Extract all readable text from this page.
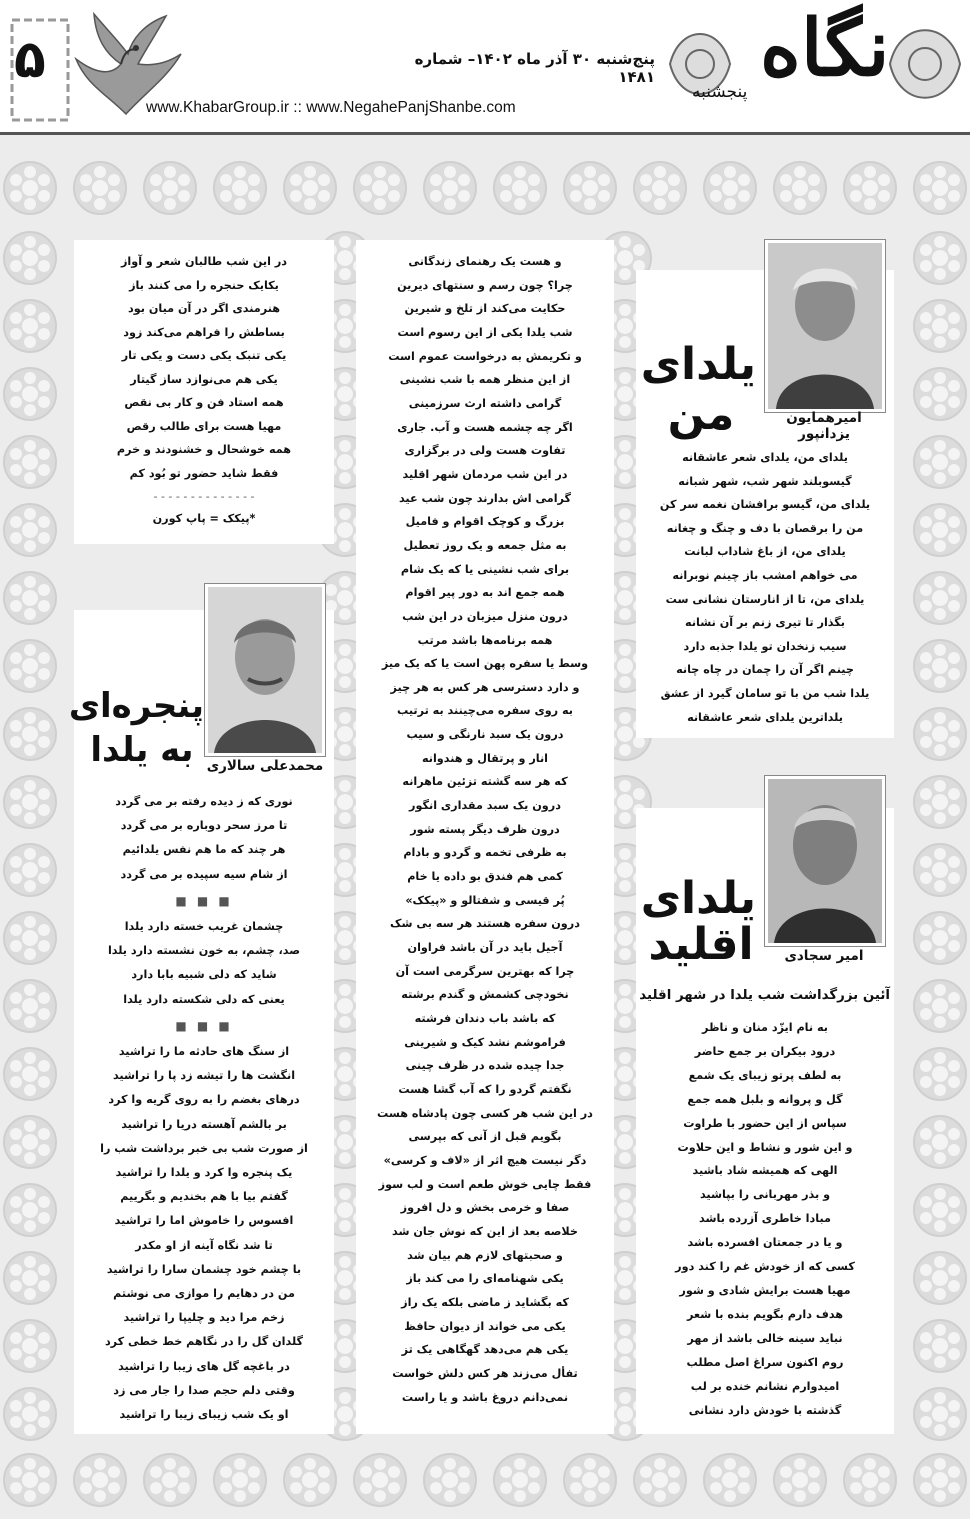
۵	پنج‌شنبه ۳۰ آذر ماه ۱۴۰۲– شماره ۱۴۸۱
www.KhabarGroup.ir :: www.NegahePanjShanbe.com
نگاه
پنجشنبه
امیرهمایون یزدانپور
یلدای
من
یلدای من، یلدای شعر عاشقانه
گیسوبلند شهر شب، شهر شبانه
یلدای من، گیسو برافشان نغمه سر کن
من را برقصان با دف و چنگ و چغانه
یلدای من، از باغ شاداب لبانت
می خواهم امشب باز چینم نوبرانه
یلدای من، تا از انارستان نشانی ست
بگذار تا تیری زنم بر آن نشانه
سیب زنخدان تو یلدا جذبه دارد
چینم اگر آن را چمان در چاه چانه
یلدا شب من با تو سامان گیرد از عشق
یلداترین یلدای شعر عاشقانه
امیر سجادی
یلدای
اقلید
آئین بزرگداشت شب یلدا در شهر اقلید
به نام ایزّد منان و ناظر
درود بیکران بر جمع حاضر
به لطف پرتو زیبای یک شمع
گل و پروانه و بلبل همه جمع
سپاس از این حضور با طراوت
و این شور و نشاط و این حلاوت
الهی که همیشه شاد باشید
و بذر مهربانی را بپاشید
مبادا خاطری آزرده باشد
و یا در جمعتان افسرده باشد
کسی که از خودش غم را کند دور
مهیا هست برایش شادی و شور
هدف دارم بگویم بنده با شعر
نباید سینه خالی باشد از مهر
روم اکنون سراغ اصل مطلب
امیدوارم نشانم خنده بر لب
گذشته با خودش دارد نشانی
و هست یک رهنمای زندگانی
چرا؟ چون رسم و سنتهای دیرین
حکایت می‌کند از تلخ و شیرین
شب یلدا یکی از این رسوم است
و تکریمش به درخواست عموم است
از این منظر همه با شب نشینی
گرامی داشته ارث سرزمینی
اگر چه چشمه هست و آب. جاری
تفاوت هست ولی در برگزاری
در این شب مردمان شهر اقلید
گرامی اش بدارند چون شب عید
بزرگ و کوچک اقوام و فامیل
به مثل جمعه و یک روز تعطیل
برای شب نشینی یا که یک شام
همه جمع اند به دور پیر اقوام
درون منزل میزبان در این شب
همه برنامه‌ها باشد مرتب
وسط یا سفره پهن است یا که یک میز
و دارد دسترسی هر کس به هر چیز
به روی سفره می‌چینند به ترتیب
درون یک سبد نارنگی و سیب
انار و پرتقال و هندوانه
که هر سه گشته تزئین ماهرانه
درون یک سبد مقداری انگور
درون ظرف دیگر پسته شور
به ظرفی تخمه و گردو و بادام
کمی هم فندق بو داده یا خام
پُر قیسی و شفتالو و «پیکک»
درون سفره هستند هر سه بی شک
آجیل باید در آن باشد فراوان
چرا که بهترین سرگرمی است آن
نخودچی کشمش و گندم برشته
که باشد باب دندان فرشته
فراموشم نشد کیک و شیرینی
جدا چیده شده در ظرف چینی
نگفتم گردو را که آب گشا هست
در این شب هر کسی چون پادشاه هست
بگویم قبل از آنی که بپرسی
دگر نیست هیچ اثر از «لاف و کرسی»
فقط چایی خوش طعم است و لب سوز
صفا و خرمی بخش و دل افروز
خلاصه بعد از این که نوش جان شد
و صحبتهای لازم هم بیان شد
یکی شهنامه‌ای را می کند باز
که بگشاید ز ماضی بلکه یک راز
یکی می خواند از دیوان حافظ
یکی هم می‌دهد گهگاهی یک تز
تفأل می‌زند هر کس دلش خواست
نمی‌دانم دروغ باشد و یا راست
در این شب طالبان شعر و آواز
یکایک حنجره را می کنند باز
هنرمندی اگر در آن میان بود
بساطش را فراهم می‌کند زود
یکی تنبک یکی دست و یکی تار
یکی هم می‌نوازد ساز گیتار
همه استاد فن و کار بی نقص
مهیا هست برای طالب رقص
همه خوشحال و خشنودند و خرم
فقط شاید حضور تو بُود کم
- - - - - - - - - - - - - -
*پیکک = پاپ کورن
محمدعلی سالاری
پنجره‌ای
به یلدا
نوری که ز دیده رفته بر می گردد
تا مرز سحر دوباره بر می گردد
هر چند که ما هم نفس یلدائیم
از شام سیه سپیده بر می گردد
■ ■ ■
چشمان غریب خسته دارد یلدا
صد، چشم، به خون نشسته دارد یلدا
شاید که دلی شبیه بابا دارد
یعنی که دلی شکسته دارد یلدا
■ ■ ■
از سنگ های حادثه ما را تراشید
انگشت ها را تیشه زد پا را تراشید
درهای بغضم را به روی گریه وا کرد
بر بالشم آهسته دریا را تراشید
از صورت شب بی خبر برداشت شب را
یک پنجره وا کرد و یلدا را تراشید
گفتم بیا با هم بخندیم و بگرییم
افسوس را خاموش اما را تراشید
تا شد نگاه آینه از او مکدر
با چشم خود چشمان سارا را تراشید
من در دهایم را موازی می نوشتم
زخم مرا دید و چلیپا را تراشید
گلدان گل را در نگاهم خط خطی کرد
در باغچه گل های زیبا را تراشید
وقتی دلم حجم صدا را جار می زد
او یک شب زیبای زیبا را تراشید
